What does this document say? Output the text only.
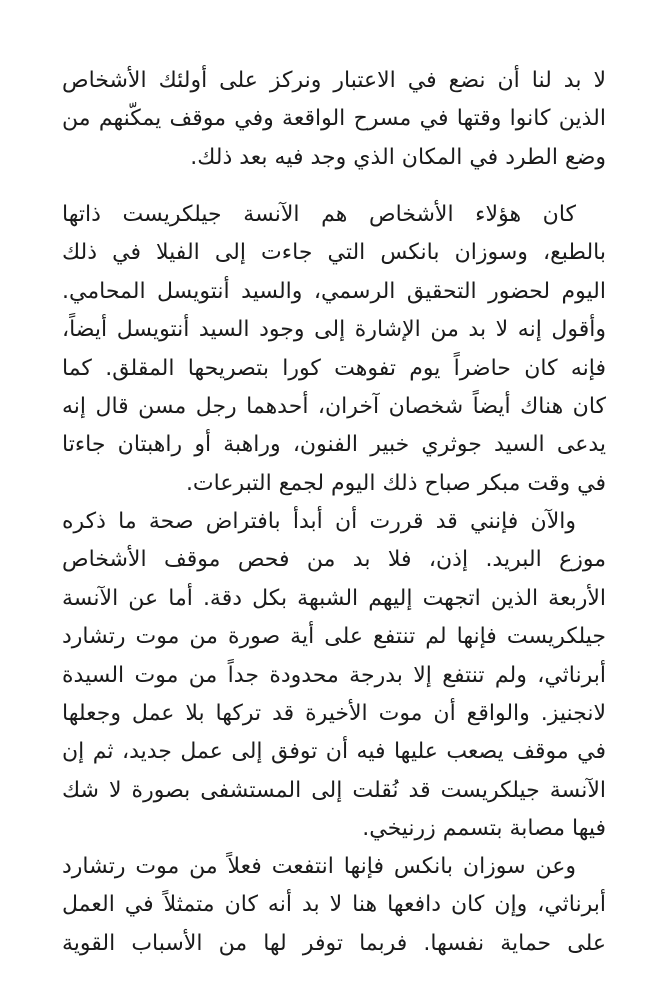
لا بد لنا أن نضع في الاعتبار ونركز على أولئك الأشخاص
الذين كانوا وقتها في مسرح الواقعة وفي موقف يمكّنهم من
وضع الطرد في المكان الذي وجد فيه بعد ذلك.
كان هؤلاء الأشخاص هم الآنسة جيلكريست ذاتها
بالطبع، وسوزان بانكس التي جاءت إلى الفيلا في ذلك
اليوم لحضور التحقيق الرسمي، والسيد أنتويسل المحامي.
وأقول إنه لا بد من الإشارة إلى وجود السيد أنتويسل أيضاً،
فإنه كان حاضراً يوم تفوهت كورا بتصريحها المقلق. كما
كان هناك أيضاً شخصان آخران، أحدهما رجل مسن قال إنه
يدعى السيد جوثري خبير الفنون، وراهبة أو راهبتان جاءتا
في وقت مبكر صباح ذلك اليوم لجمع التبرعات.
والآن فإنني قد قررت أن أبدأ بافتراض صحة ما ذكره
موزع البريد. إذن، فلا بد من فحص موقف الأشخاص
الأربعة الذين اتجهت إليهم الشبهة بكل دقة. أما عن الآنسة
جيلكريست فإنها لم تنتفع على أية صورة من موت رتشارد
أبرناثي، ولم تنتفع إلا بدرجة محدودة جداً من موت السيدة
لانجنيز. والواقع أن موت الأخيرة قد تركها بلا عمل وجعلها
في موقف يصعب عليها فيه أن توفق إلى عمل جديد، ثم إن
الآنسة جيلكريست قد نُقلت إلى المستشفى بصورة لا شك
فيها مصابة بتسمم زرنيخي.
وعن سوزان بانكس فإنها انتفعت فعلاً من موت رتشارد
أبرناثي، وإن كان دافعها هنا لا بد أنه كان متمثلاً في العمل
على حماية نفسها. فربما توفر لها من الأسباب القوية
